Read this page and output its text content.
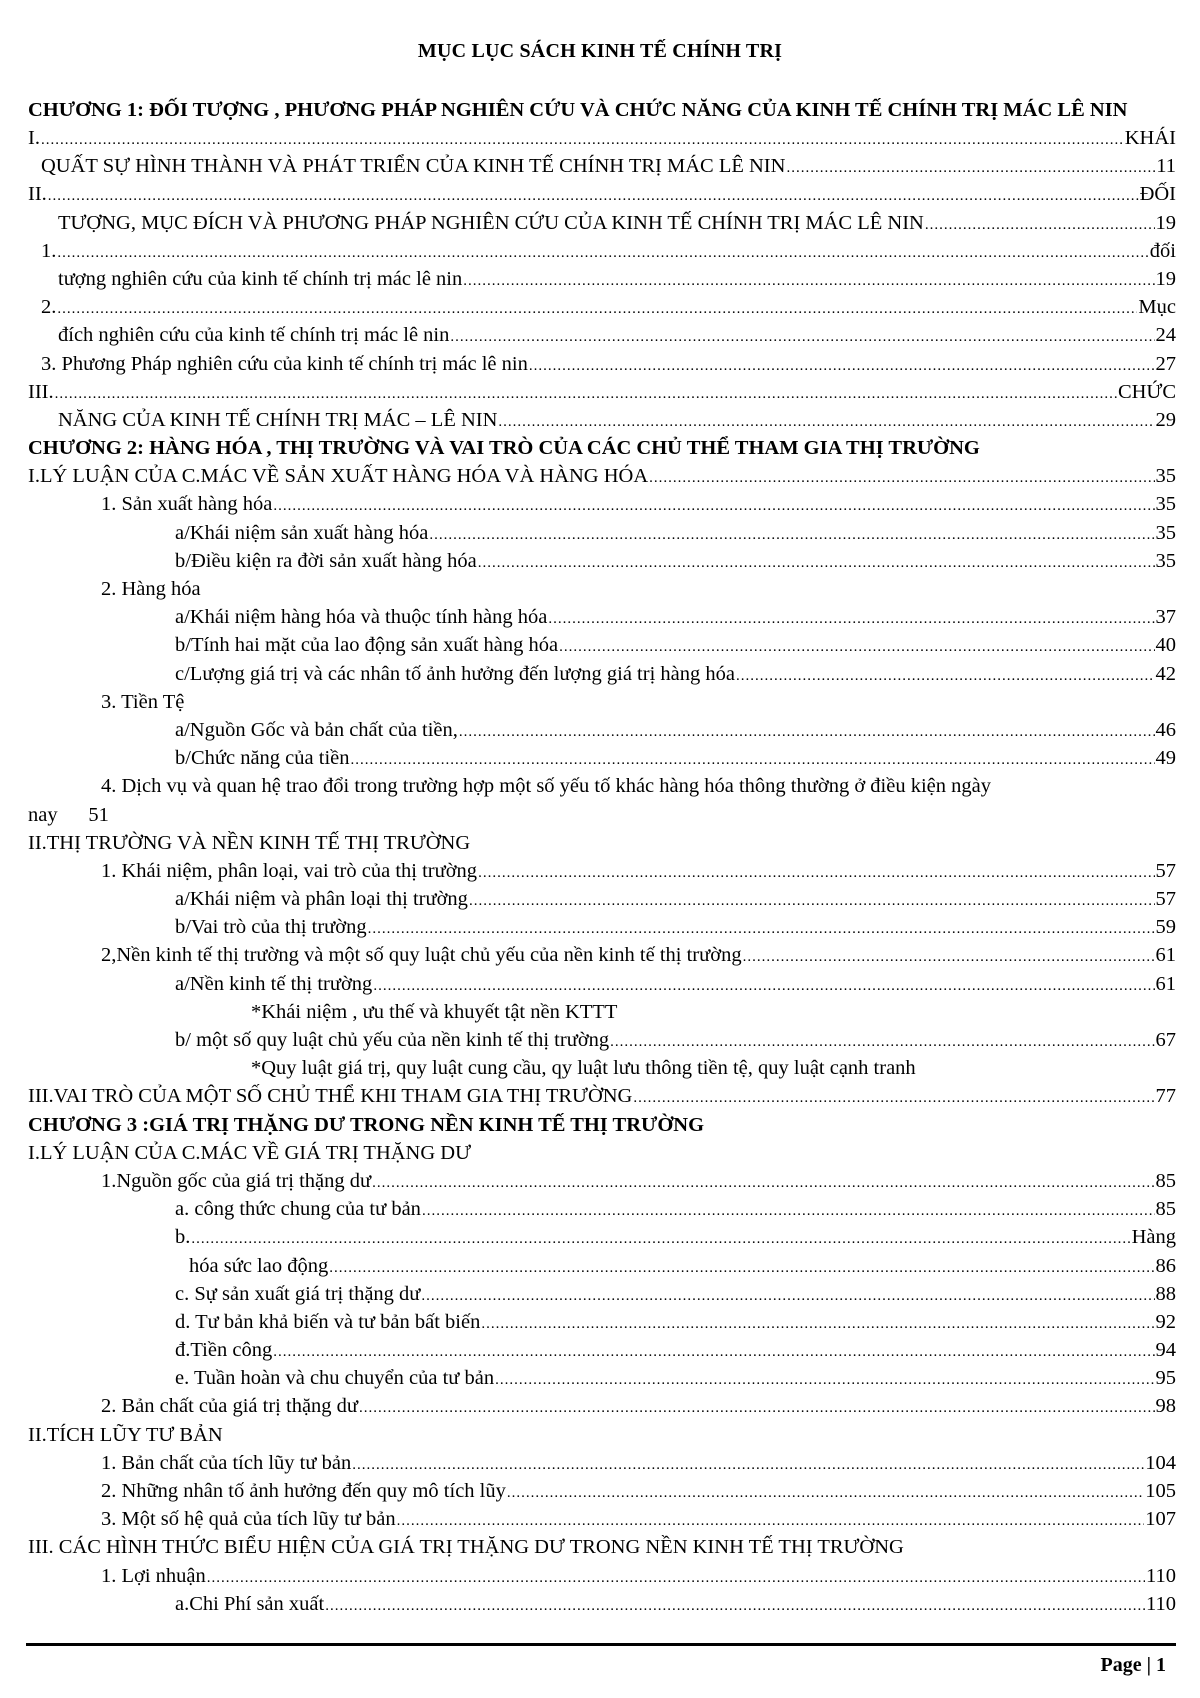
MỤC LỤC SÁCH KINH TẾ CHÍNH TRỊ
CHƯƠNG 1: ĐỐI TƯỢNG , PHƯƠNG PHÁP NGHIÊN CỨU VÀ CHỨC NĂNG CỦA KINH TẾ CHÍNH TRỊ MÁC LÊ NIN
I. .....	KHÁI
QUẤT SỰ HÌNH THÀNH VÀ PHÁT TRIỂN CỦA KINH TẾ CHÍNH TRỊ MÁC LÊ NIN .....	11
II. .....	ĐỐI
TƯỢNG, MỤC ĐÍCH VÀ PHƯƠNG PHÁP NGHIÊN CỨU CỦA KINH TẾ CHÍNH TRỊ MÁC LÊ NIN .....	19
1. .....	đối
tượng nghiên cứu của kinh tế chính trị mác lê nin .....	19
2. .....	Mục
đích nghiên cứu của kinh tế chính trị mác lê nin .....	24
3. Phương Pháp nghiên cứu của kinh tế chính trị mác lê nin .....	27
III. .....	CHỨC
NĂNG CỦA KINH TẾ CHÍNH TRỊ MÁC – LÊ NIN .....	29
CHƯƠNG 2: HÀNG HÓA , THỊ TRƯỜNG VÀ VAI TRÒ CỦA CÁC CHỦ THỂ THAM GIA THỊ TRƯỜNG
I.LÝ LUẬN CỦA C.MÁC VỀ SẢN XUẤT HÀNG HÓA VÀ HÀNG HÓA .....	35
1. Sản xuất hàng hóa .....	35
a/Khái niệm sản xuất hàng hóa .....	35
b/Điều kiện ra đời sản xuất hàng hóa .....	35
2. Hàng hóa
a/Khái niệm hàng hóa và thuộc tính hàng hóa .....	37
b/Tính hai mặt của lao động sản xuất hàng hóa .....	40
c/Lượng giá trị và các nhân tố ảnh hưởng đến lượng giá trị hàng hóa .....	42
3. Tiền Tệ
a/Nguồn Gốc và bản chất của tiền, .....	46
b/Chức năng của tiền .....	49
4. Dịch vụ và quan hệ trao đổi trong trường hợp một số yếu tố khác hàng hóa thông thường ở điều kiện ngày
nay      51
II.THỊ TRƯỜNG VÀ NỀN KINH TẾ THỊ TRƯỜNG
1. Khái niệm, phân loại, vai trò của thị trường .....	57
a/Khái niệm và phân loại thị trường .....	57
b/Vai trò của thị trường .....	59
2,Nền kinh tế thị trường và một số quy luật chủ yếu của nền kinh tế thị trường .....	61
a/Nền kinh tế thị trường .....	61
*Khái niệm , ưu thế và khuyết tật nền KTTT
b/ một số quy luật chủ yếu của nền kinh tế thị trường .....	67
*Quy luật giá trị, quy luật cung cầu, qy luật lưu thông tiền tệ, quy luật cạnh tranh
III.VAI TRÒ CỦA MỘT SỐ CHỦ THỂ KHI THAM GIA THỊ TRƯỜNG .....	77
CHƯƠNG 3 :GIÁ TRỊ THẶNG DƯ TRONG NỀN KINH TẾ THỊ TRƯỜNG
I.LÝ LUẬN CỦA C.MÁC VỀ GIÁ TRỊ THẶNG DƯ
1.Nguồn gốc của giá trị thặng dư .....	85
a. công thức chung của tư bản .....	85
b. .....	Hàng
hóa sức lao động .....	86
c. Sự sản xuất giá trị thặng dư .....	88
d. Tư bản khả biến và tư bản bất biến .....	92
đ.Tiền công .....	94
e. Tuần hoàn và chu chuyển của tư bản .....	95
2. Bản chất của giá trị thặng dư .....	98
II.TÍCH LŨY TƯ BẢN
1. Bản chất của tích lũy tư bản .....	104
2. Những nhân tố ảnh hưởng đến quy mô tích lũy .....	105
3. Một số hệ quả của tích lũy tư bản .....	107
III. CÁC HÌNH THỨC BIỂU HIỆN CỦA GIÁ TRỊ THẶNG DƯ TRONG NỀN KINH TẾ THỊ TRƯỜNG
1. Lợi nhuận .....	110
a.Chi Phí sản xuất .....	110
Page | 1
